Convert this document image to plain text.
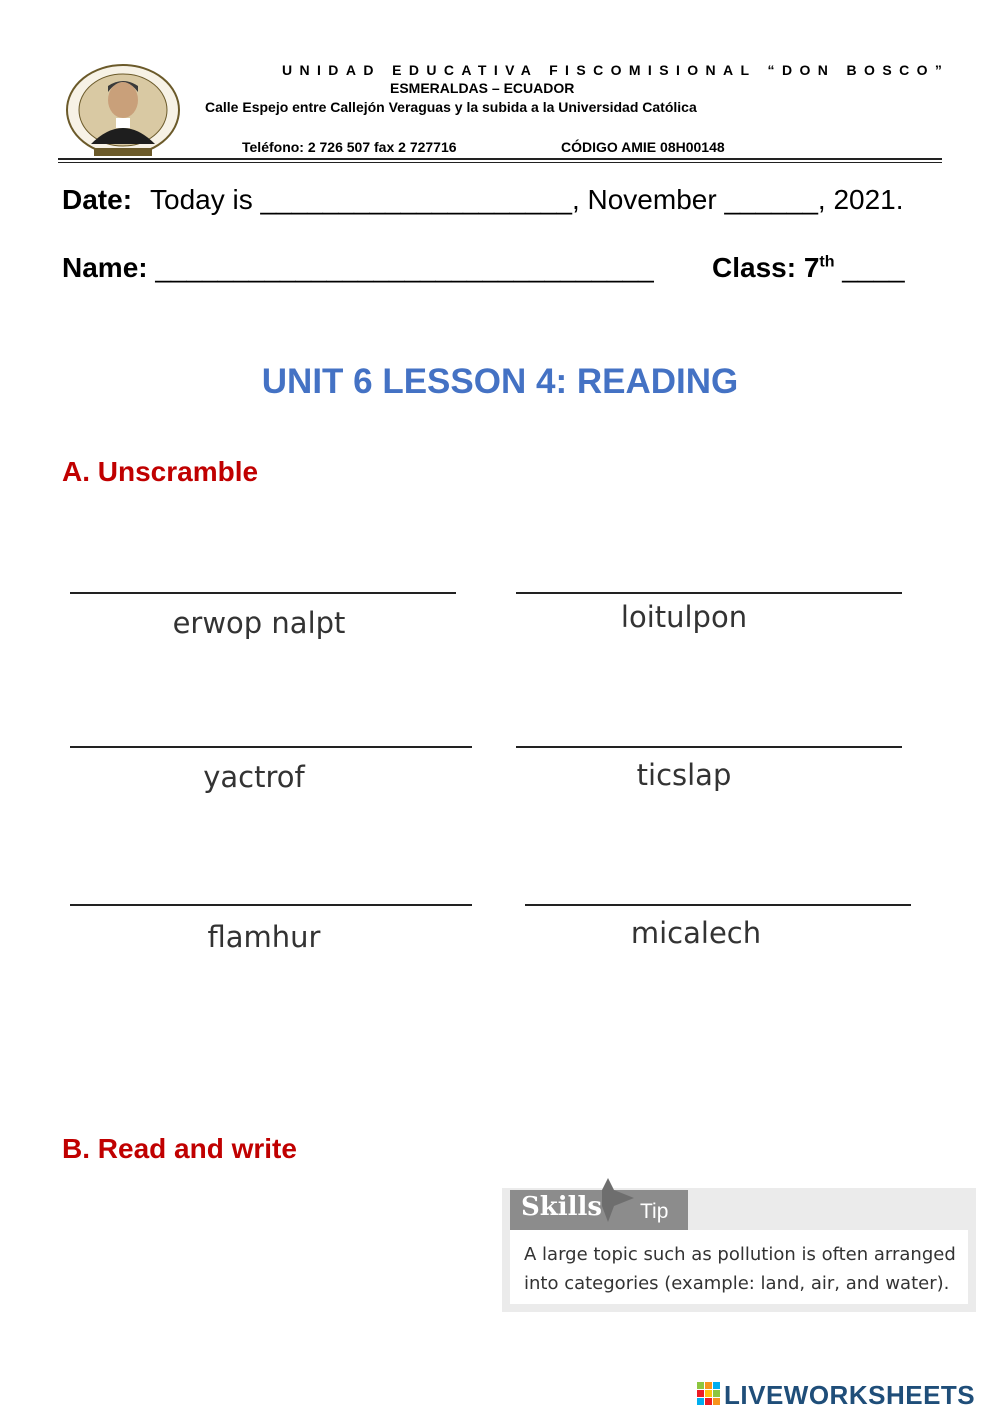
UNIDAD EDUCATIVA FISCOMISIONAL “DON BOSCO”
ESMERALDAS – ECUADOR
Calle Espejo entre Callejón Veraguas y la subida a la Universidad Católica
Teléfono: 2 726 507 fax 2 727716	CÓDIGO AMIE 08H00148
Date: Today is ____________________, November ______, 2021.
Name: ________________________________ Class: 7th ____
UNIT 6 LESSON 4: READING
A. Unscramble
erwop nalpt	loitulpon
yactrof	ticslap
flamhur	micalech
B. Read and write
Skills Tip
A large topic such as pollution is often arranged into categories (example: land, air, and water).
LIVEWORKSHEETS
